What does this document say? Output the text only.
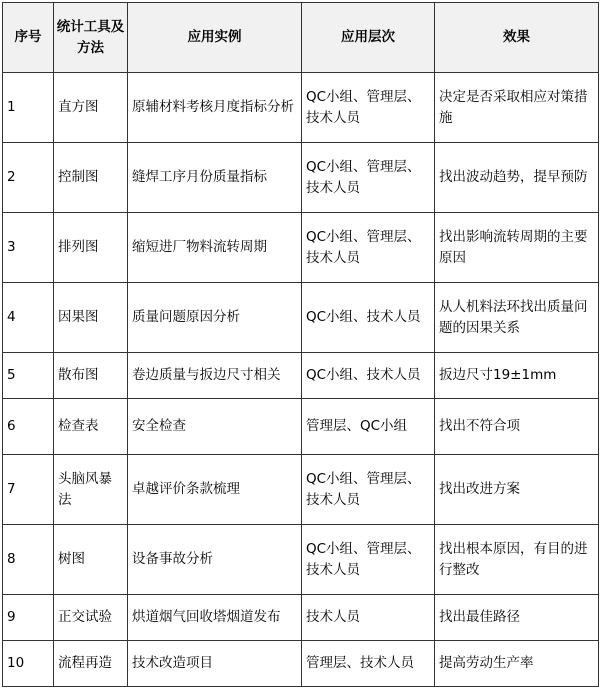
序号	统计工具及方法	应用实例	应用层次	效果
1	直方图	原辅材料考核月度指标分析	QC小组、管理层、技术人员	决定是否采取相应对策措施
2	控制图	缝焊工序月份质量指标	QC小组、管理层、技术人员	找出波动趋势，提早预防
3	排列图	缩短进厂物料流转周期	QC小组、管理层、技术人员	找出影响流转周期的主要原因
4	因果图	质量问题原因分析	QC小组、技术人员	从人机料法环找出质量问题的因果关系
5	散布图	卷边质量与扳边尺寸相关	QC小组、技术人员	扳边尺寸19±1mm
6	检查表	安全检查	管理层、QC小组	找出不符合项
7	头脑风暴法	卓越评价条款梳理	QC小组、管理层、技术人员	找出改进方案
8	树图	设备事故分析	QC小组、管理层、技术人员	找出根本原因，有目的进行整改
9	正交试验	烘道烟气回收塔烟道发布	技术人员	找出最佳路径
10	流程再造	技术改造项目	管理层、技术人员	提高劳动生产率
